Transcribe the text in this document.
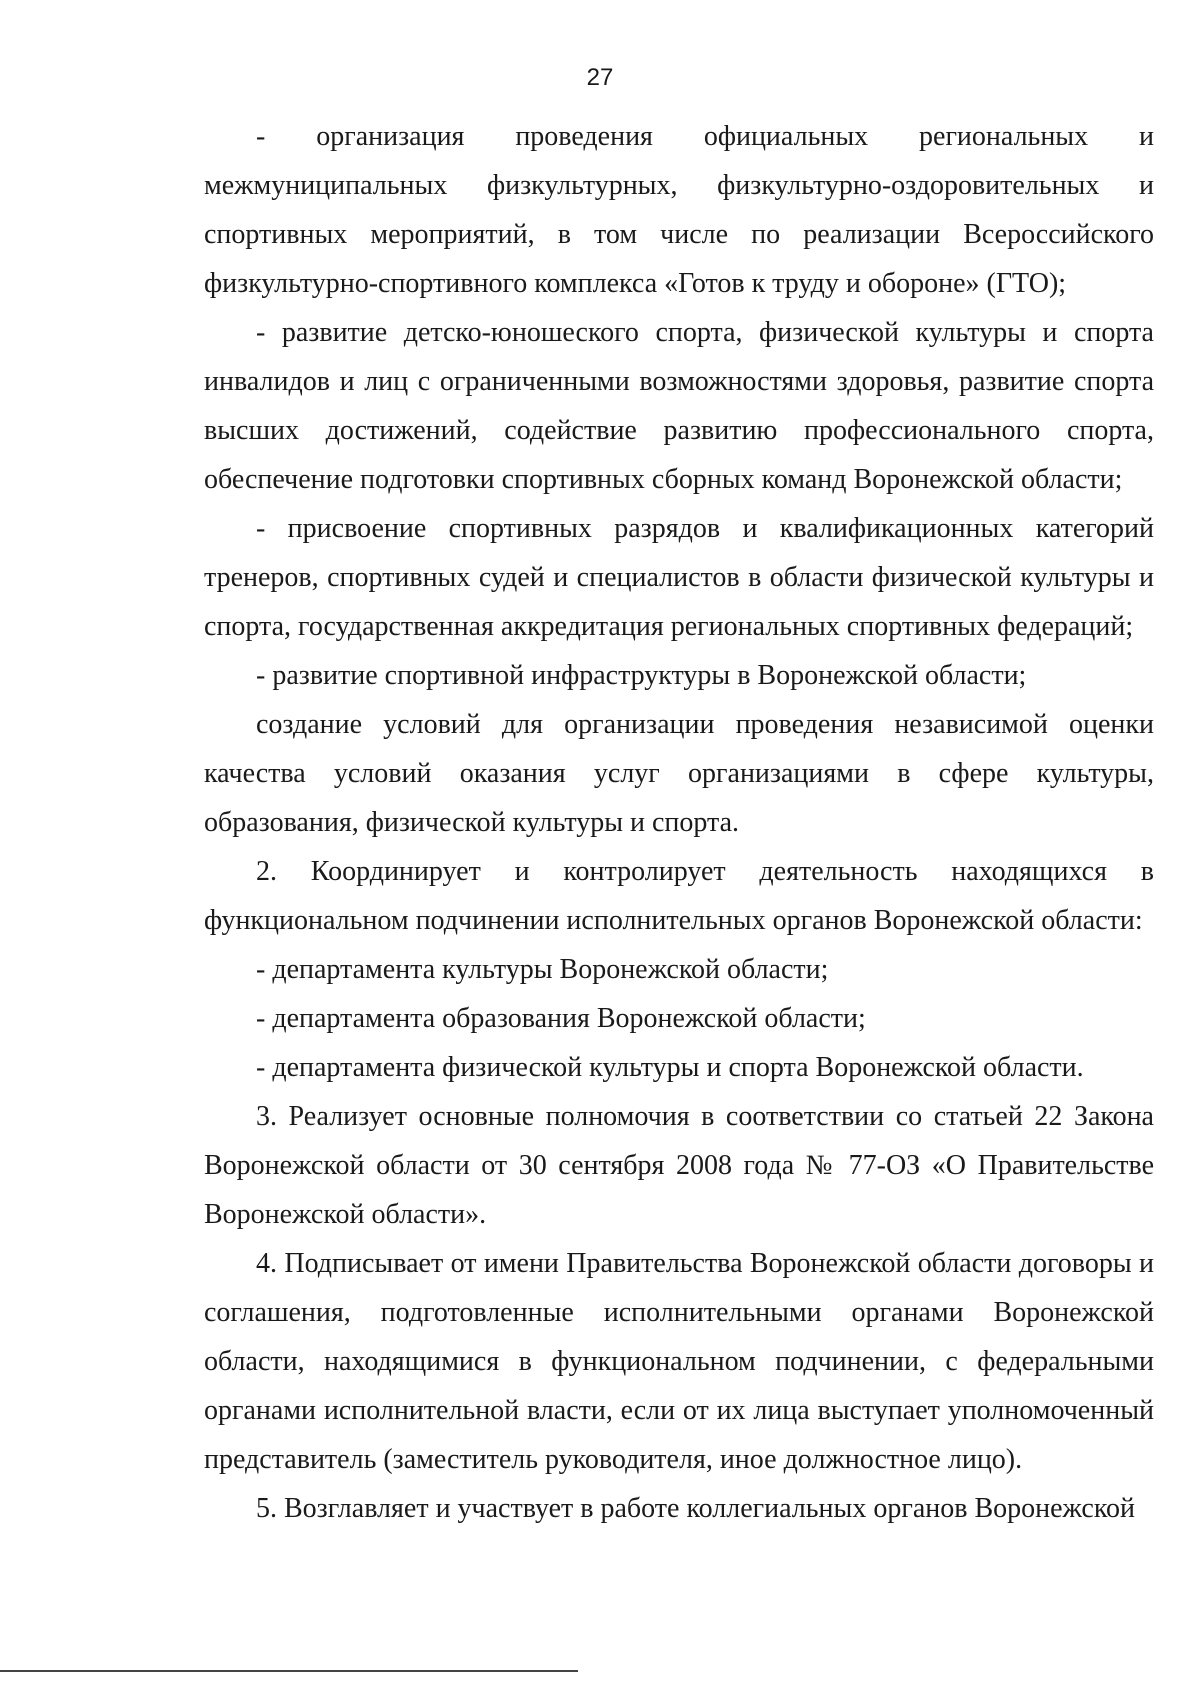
27

- организация проведения официальных региональных и межмуниципальных физкультурных, физкультурно-оздоровительных и спортивных мероприятий, в том числе по реализации Всероссийского физкультурно-спортивного комплекса «Готов к труду и обороне» (ГТО);

- развитие детско-юношеского спорта, физической культуры и спорта инвалидов и лиц с ограниченными возможностями здоровья, развитие спорта высших достижений, содействие развитию профессионального спорта, обеспечение подготовки спортивных сборных команд Воронежской области;

- присвоение спортивных разрядов и квалификационных категорий тренеров, спортивных судей и специалистов в области физической культуры и спорта, государственная аккредитация региональных спортивных федераций;

- развитие спортивной инфраструктуры в Воронежской области;

создание условий для организации проведения независимой оценки качества условий оказания услуг организациями в сфере культуры, образования, физической культуры и спорта.

2. Координирует и контролирует деятельность находящихся в функциональном подчинении исполнительных органов Воронежской области:

- департамента культуры Воронежской области;

- департамента образования Воронежской области;

- департамента физической культуры и спорта Воронежской области.

3. Реализует основные полномочия в соответствии со статьей 22 Закона Воронежской области от 30 сентября 2008 года № 77-ОЗ «О Правительстве Воронежской области».

4. Подписывает от имени Правительства Воронежской области договоры и соглашения, подготовленные исполнительными органами Воронежской области, находящимися в функциональном подчинении, с федеральными органами исполнительной власти, если от их лица выступает уполномоченный представитель (заместитель руководителя, иное должностное лицо).

5. Возглавляет и участвует в работе коллегиальных органов Воронежской
